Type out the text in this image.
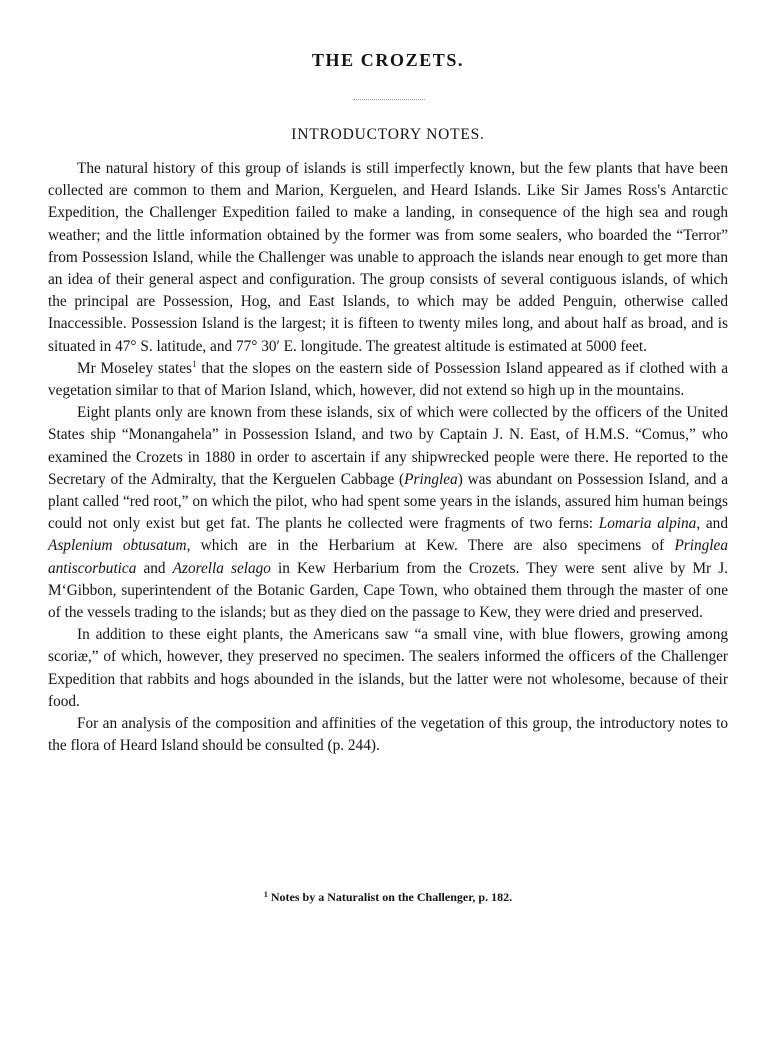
THE CROZETS.
INTRODUCTORY NOTES.

The natural history of this group of islands is still imperfectly known, but the few plants that have been collected are common to them and Marion, Kerguelen, and Heard Islands. Like Sir James Ross's Antarctic Expedition, the Challenger Expedition failed to make a landing, in consequence of the high sea and rough weather; and the little information obtained by the former was from some sealers, who boarded the “Terror” from Possession Island, while the Challenger was unable to approach the islands near enough to get more than an idea of their general aspect and configuration. The group consists of several contiguous islands, of which the principal are Possession, Hog, and East Islands, to which may be added Penguin, otherwise called Inaccessible. Possession Island is the largest; it is fifteen to twenty miles long, and about half as broad, and is situated in 47° S. latitude, and 77° 30′ E. longitude. The greatest altitude is estimated at 5000 feet.

Mr Moseley states$^1$ that the slopes on the eastern side of Possession Island appeared as if clothed with a vegetation similar to that of Marion Island, which, however, did not extend so high up in the mountains.

Eight plants only are known from these islands, six of which were collected by the officers of the United States ship “Monangahela” in Possession Island, and two by Captain J. N. East, of H.M.S. “Comus,” who examined the Crozets in 1880 in order to ascertain if any shipwrecked people were there. He reported to the Secretary of the Admiralty, that the Kerguelen Cabbage (Pringlea) was abundant on Possession Island, and a plant called “red root,” on which the pilot, who had spent some years in the islands, assured him human beings could not only exist but get fat. The plants he collected were fragments of two ferns: Lomaria alpina, and Asplenium obtusatum, which are in the Herbarium at Kew. There are also specimens of Pringlea antiscorbutica and Azorella selago in Kew Herbarium from the Crozets. They were sent alive by Mr J. M‘Gibbon, superintendent of the Botanic Garden, Cape Town, who obtained them through the master of one of the vessels trading to the islands; but as they died on the passage to Kew, they were dried and preserved.

In addition to these eight plants, the Americans saw “a small vine, with blue flowers, growing among scoriæ,” of which, however, they preserved no specimen. The sealers informed the officers of the Challenger Expedition that rabbits and hogs abounded in the islands, but the latter were not wholesome, because of their food.

For an analysis of the composition and affinities of the vegetation of this group, the introductory notes to the flora of Heard Island should be consulted (p. 244).

$^1$ Notes by a Naturalist on the Challenger, p. 182.
